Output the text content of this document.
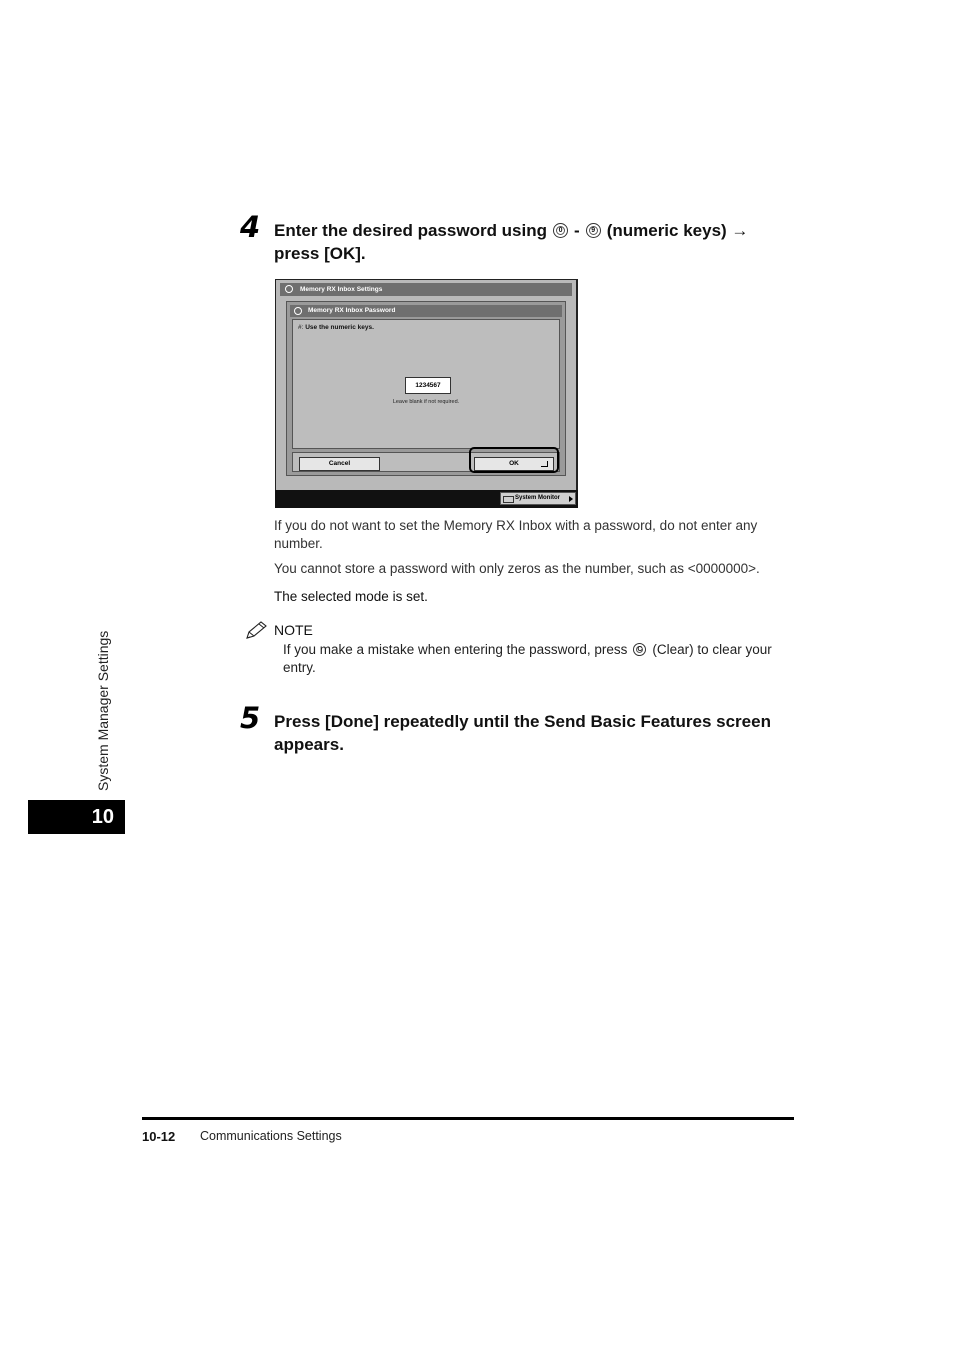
4 Enter the desired password using	0 -	9 (numeric keys) →
press [OK].
Memory RX Inbox Settings
Memory RX Inbox Password
#: Use the numeric keys.
1234567
Leave blank if not required.
Cancel	OK
System Monitor
If you do not want to set the Memory RX Inbox with a password, do not enter any number.
You cannot store a password with only zeros as the number, such as <0000000>.
The selected mode is set.
NOTE
If you make a mistake when entering the password, press	C (Clear) to clear your entry.
5 Press [Done] repeatedly until the Send Basic Features screen appears.
System Manager Settings
10
10-12 Communications Settings
